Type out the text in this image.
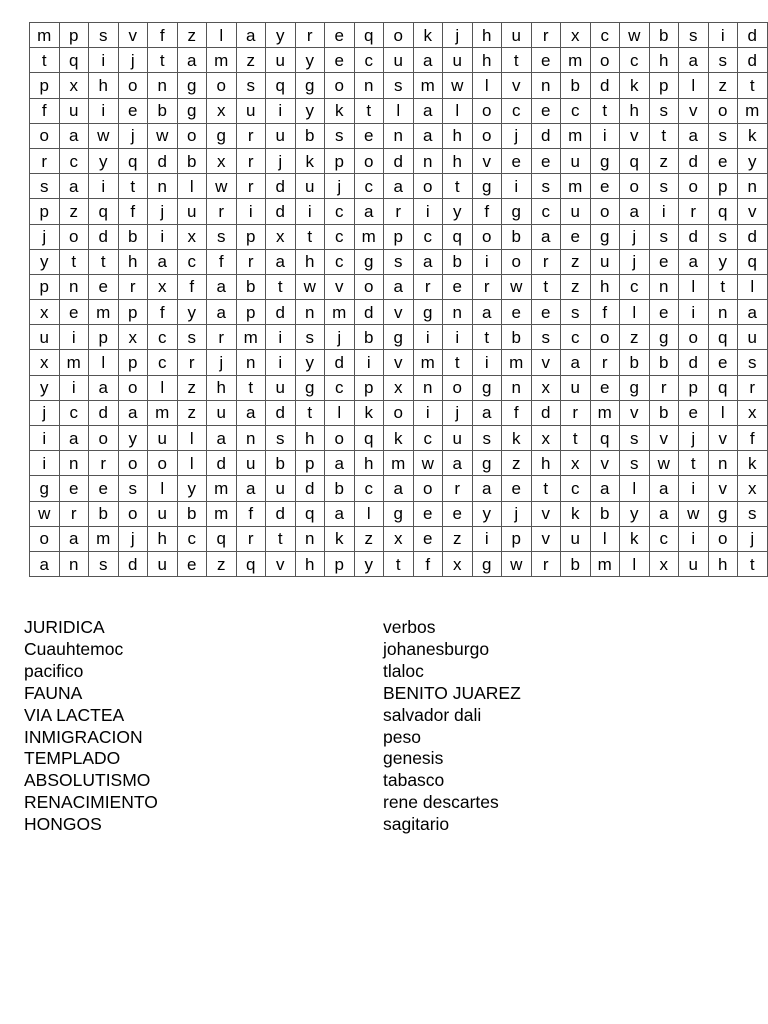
m	p	s	v	f	z	l	a	y	r	e	q	o	k	j	h	u	r	x	c	w	b	s	i	d
t	q	i	j	t	a	m	z	u	y	e	c	u	a	u	h	t	e	m	o	c	h	a	s	d
p	x	h	o	n	g	o	s	q	g	o	n	s	m	w	l	v	n	b	d	k	p	l	z	t
f	u	i	e	b	g	x	u	i	y	k	t	l	a	l	o	c	e	c	t	h	s	v	o	m
o	a	w	j	w	o	g	r	u	b	s	e	n	a	h	o	j	d	m	i	v	t	a	s	k
r	c	y	q	d	b	x	r	j	k	p	o	d	n	h	v	e	e	u	g	q	z	d	e	y
s	a	i	t	n	l	w	r	d	u	j	c	a	o	t	g	i	s	m	e	o	s	o	p	n
p	z	q	f	j	u	r	i	d	i	c	a	r	i	y	f	g	c	u	o	a	i	r	q	v
j	o	d	b	i	x	s	p	x	t	c	m	p	c	q	o	b	a	e	g	j	s	d	s	d
y	t	t	h	a	c	f	r	a	h	c	g	s	a	b	i	o	r	z	u	j	e	a	y	q
p	n	e	r	x	f	a	b	t	w	v	o	a	r	e	r	w	t	z	h	c	n	l	t	l
x	e	m	p	f	y	a	p	d	n	m	d	v	g	n	a	e	e	s	f	l	e	i	n	a
u	i	p	x	c	s	r	m	i	s	j	b	g	i	i	t	b	s	c	o	z	g	o	q	u
x	m	l	p	c	r	j	n	i	y	d	i	v	m	t	i	m	v	a	r	b	b	d	e	s
y	i	a	o	l	z	h	t	u	g	c	p	x	n	o	g	n	x	u	e	g	r	p	q	r
j	c	d	a	m	z	u	a	d	t	l	k	o	i	j	a	f	d	r	m	v	b	e	l	x
i	a	o	y	u	l	a	n	s	h	o	q	k	c	u	s	k	x	t	q	s	v	j	v	f
i	n	r	o	o	l	d	u	b	p	a	h	m	w	a	g	z	h	x	v	s	w	t	n	k
g	e	e	s	l	y	m	a	u	d	b	c	a	o	r	a	e	t	c	a	l	a	i	v	x
w	r	b	o	u	b	m	f	d	q	a	l	g	e	e	y	j	v	k	b	y	a	w	g	s
o	a	m	j	h	c	q	r	t	n	k	z	x	e	z	i	p	v	u	l	k	c	i	o	j
a	n	s	d	u	e	z	q	v	h	p	y	t	f	x	g	w	r	b	m	l	x	u	h	t
JURIDICA
Cuauhtemoc
pacifico
FAUNA
VIA LACTEA
INMIGRACION
TEMPLADO
ABSOLUTISMO
RENACIMIENTO
HONGOS
verbos
johanesburgo
tlaloc
BENITO JUAREZ
salvador dali
peso
genesis
tabasco
rene descartes
sagitario
